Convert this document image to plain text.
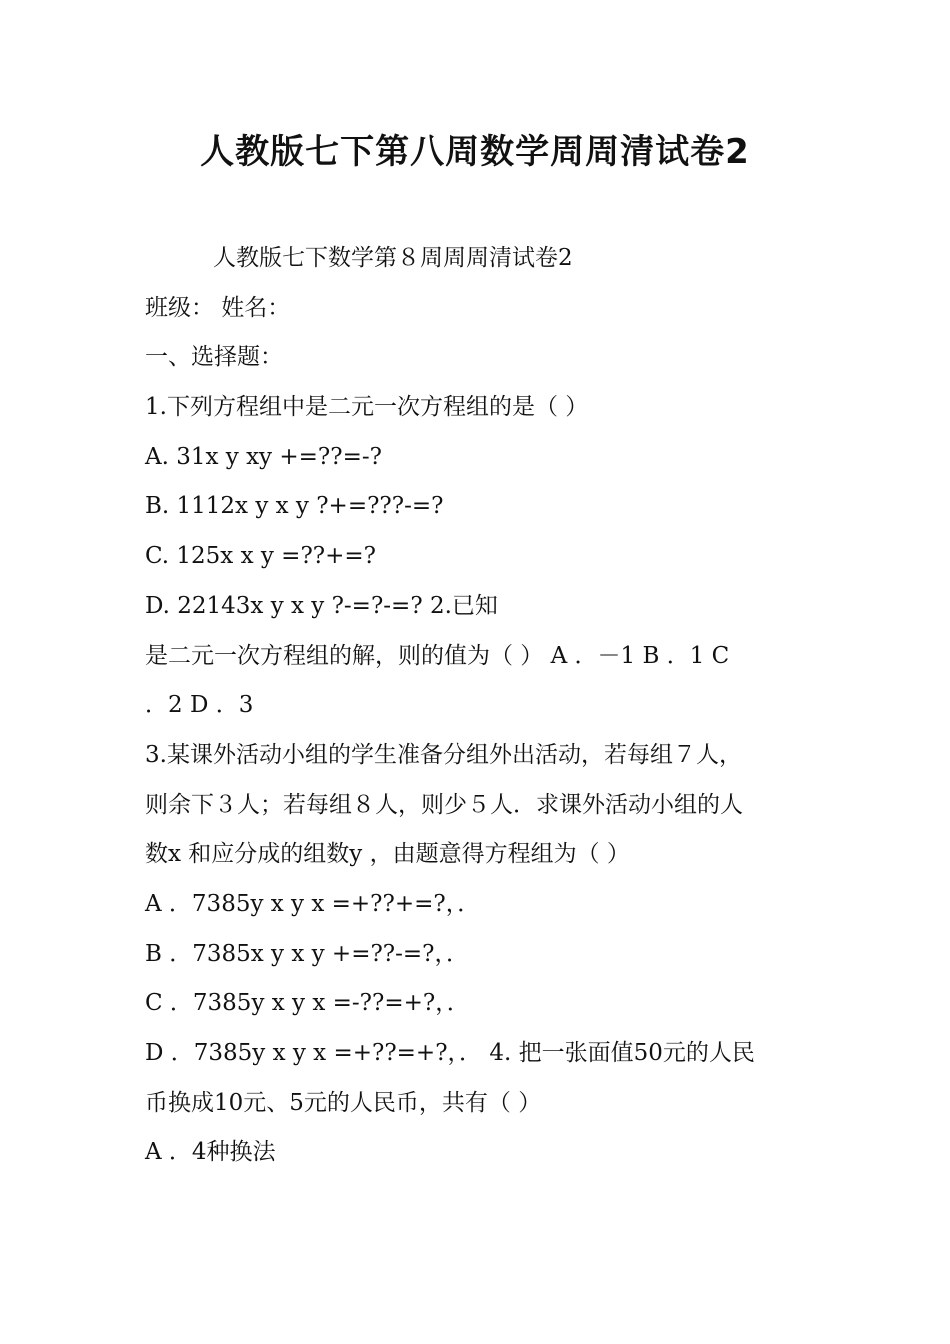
人教版七下第八周数学周周清试卷2

人教版七下数学第８周周周清试卷2

班级： 姓名：

一、选择题：

1.下列方程组中是二元一次方程组的是（ ）

A. 31x y xy +=??=-?

B. 1112x y x y ?+=???-=?

C. 125x x y =??+=?

D. 22143x y x y ?-=?-=? 2.已知

是二元一次方程组的解，则的值为（ ） A ．－1 B ．1 C

．2 D ．3

3.某课外活动小组的学生准备分组外出活动，若每组７人，

则余下３人；若每组８人，则少５人．求课外活动小组的人

数x 和应分成的组数y ，由题意得方程组为（ ）

A ．7385y x y x =+??+=?，．

B ．7385x y x y +=??-=?，．

C ．7385y x y x =-??=+?，．

D ．7385y x y x =+??=+?，． 4. 把一张面值50元的人民

币换成10元、5元的人民币，共有（ ）

A ．4种换法
